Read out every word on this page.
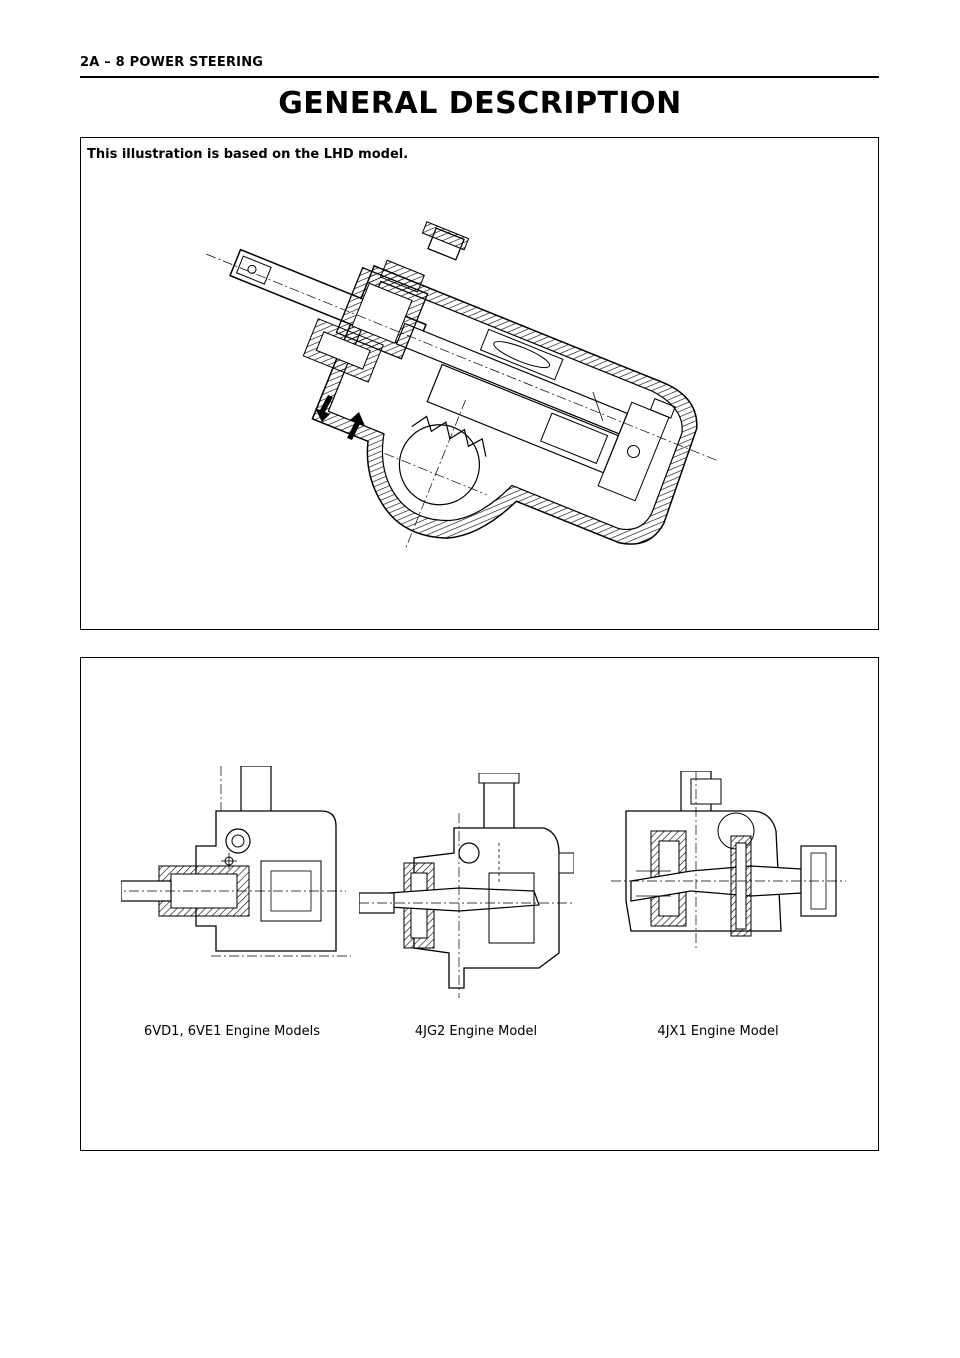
2A – 8 POWER STEERING
GENERAL DESCRIPTION
This illustration is based on the LHD model.
6VD1, 6VE1 Engine Models	4JG2 Engine Model	4JX1 Engine Model
